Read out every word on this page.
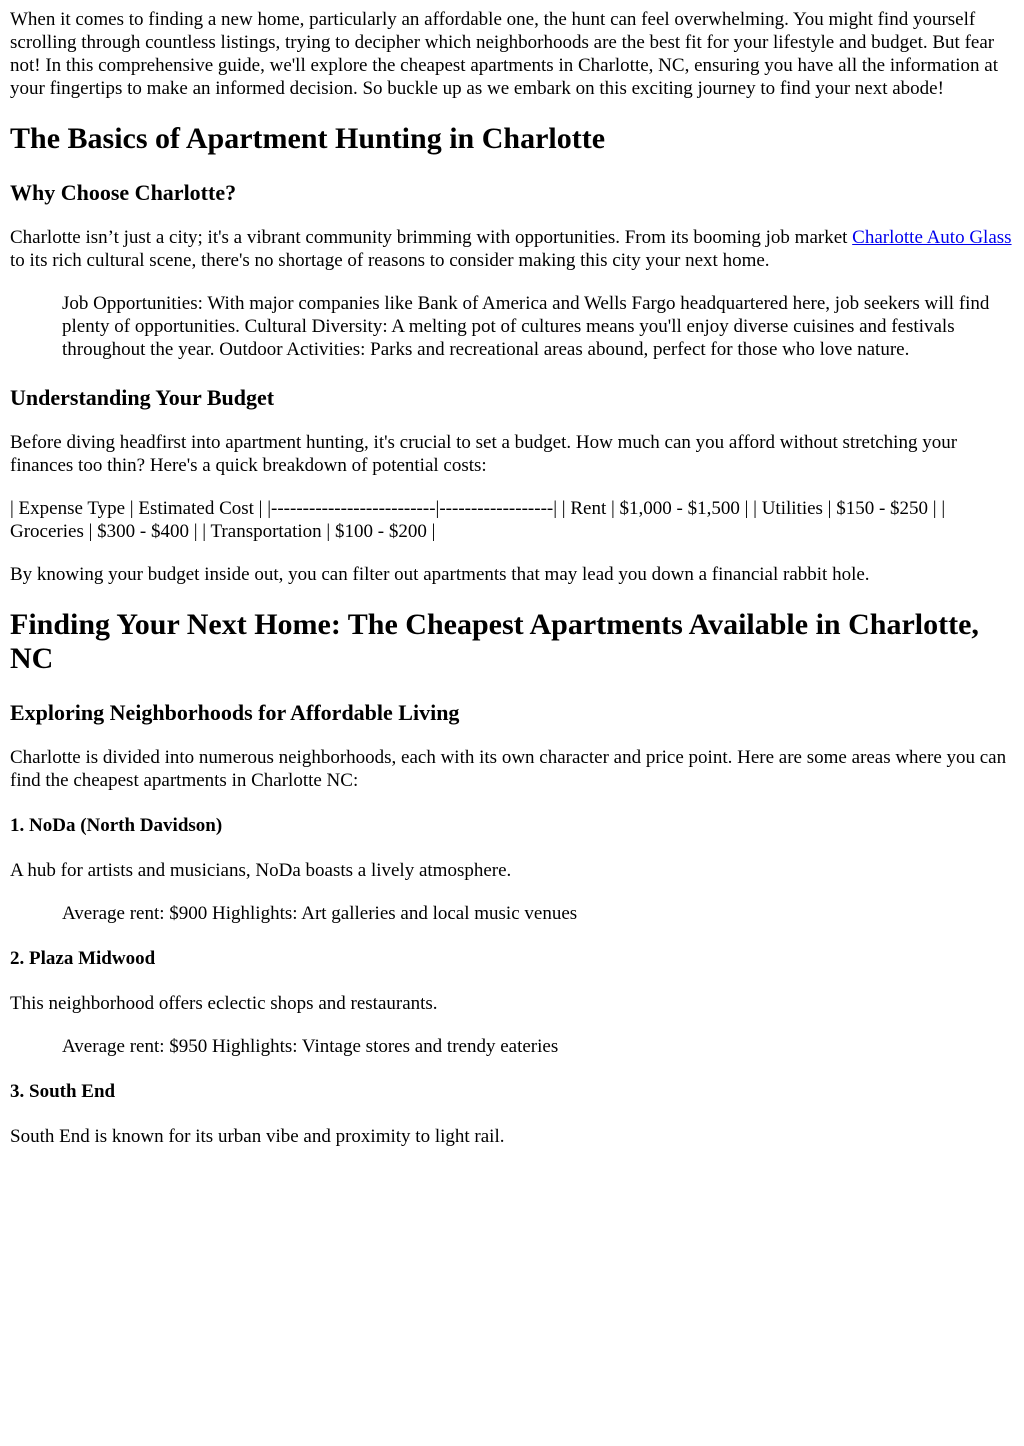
When it comes to finding a new home, particularly an affordable one, the hunt can feel overwhelming. You might find yourself scrolling through countless listings, trying to decipher which neighborhoods are the best fit for your lifestyle and budget. But fear not! In this comprehensive guide, we'll explore the cheapest apartments in Charlotte, NC, ensuring you have all the information at your fingertips to make an informed decision. So buckle up as we embark on this exciting journey to find your next abode!

The Basics of Apartment Hunting in Charlotte
Why Choose Charlotte?

Charlotte isn’t just a city; it's a vibrant community brimming with opportunities. From its booming job market Charlotte Auto Glass to its rich cultural scene, there's no shortage of reasons to consider making this city your next home.

Job Opportunities: With major companies like Bank of America and Wells Fargo headquartered here, job seekers will find plenty of opportunities. Cultural Diversity: A melting pot of cultures means you'll enjoy diverse cuisines and festivals throughout the year. Outdoor Activities: Parks and recreational areas abound, perfect for those who love nature.
Understanding Your Budget

Before diving headfirst into apartment hunting, it's crucial to set a budget. How much can you afford without stretching your finances too thin? Here's a quick breakdown of potential costs:

| Expense Type | Estimated Cost | |--------------------------|------------------| | Rent | $1,000 - $1,500 | | Utilities | $150 - $250 | | Groceries | $300 - $400 | | Transportation | $100 - $200 |

By knowing your budget inside out, you can filter out apartments that may lead you down a financial rabbit hole.

Finding Your Next Home: The Cheapest Apartments Available in Charlotte, NC
Exploring Neighborhoods for Affordable Living

Charlotte is divided into numerous neighborhoods, each with its own character and price point. Here are some areas where you can find the cheapest apartments in Charlotte NC:

1. NoDa (North Davidson)

A hub for artists and musicians, NoDa boasts a lively atmosphere.

Average rent: $900 Highlights: Art galleries and local music venues
2. Plaza Midwood

This neighborhood offers eclectic shops and restaurants.

Average rent: $950 Highlights: Vintage stores and trendy eateries
3. South End

South End is known for its urban vibe and proximity to light rail.
